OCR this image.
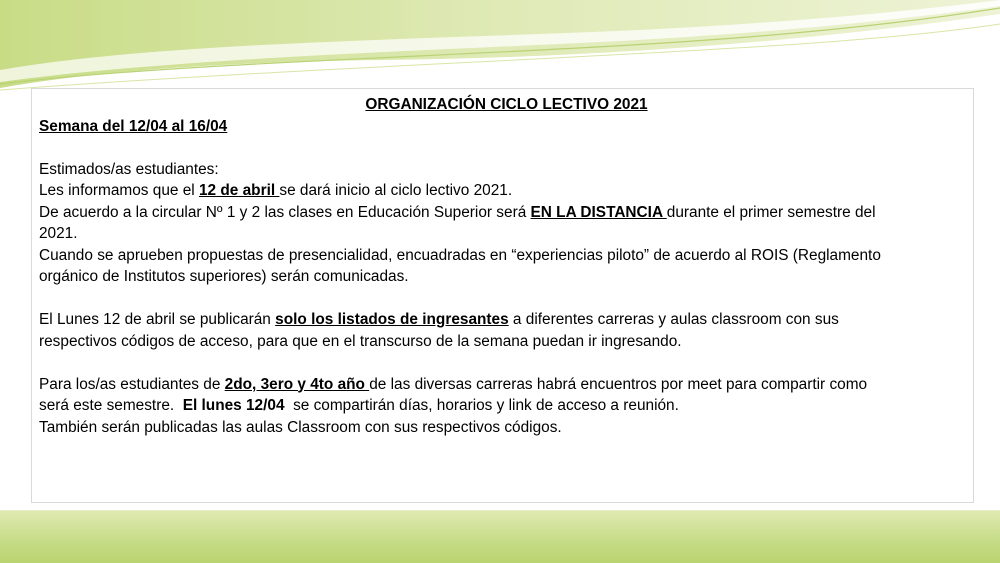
ORGANIZACIÓN CICLO LECTIVO 2021

Semana del 12/04 al 16/04

Estimados/as estudiantes:

Les informamos que el 12 de abril se dará inicio al ciclo lectivo 2021.

De acuerdo a la circular Nº 1 y 2 las clases en Educación Superior será EN LA DISTANCIA durante el primer semestre del

2021.

Cuando se aprueben propuestas de presencialidad, encuadradas en “experiencias piloto” de acuerdo al ROIS (Reglamento

orgánico de Institutos superiores) serán comunicadas.

El Lunes 12 de abril se publicarán solo los listados de ingresantes a diferentes carreras y aulas classroom con sus

respectivos códigos de acceso, para que en el transcurso de la semana puedan ir ingresando.

Para los/as estudiantes de 2do, 3ero y 4to año de las diversas carreras habrá encuentros por meet para compartir como

será este semestre.  El lunes 12/04  se compartirán días, horarios y link de acceso a reunión.

También serán publicadas las aulas Classroom con sus respectivos códigos.
